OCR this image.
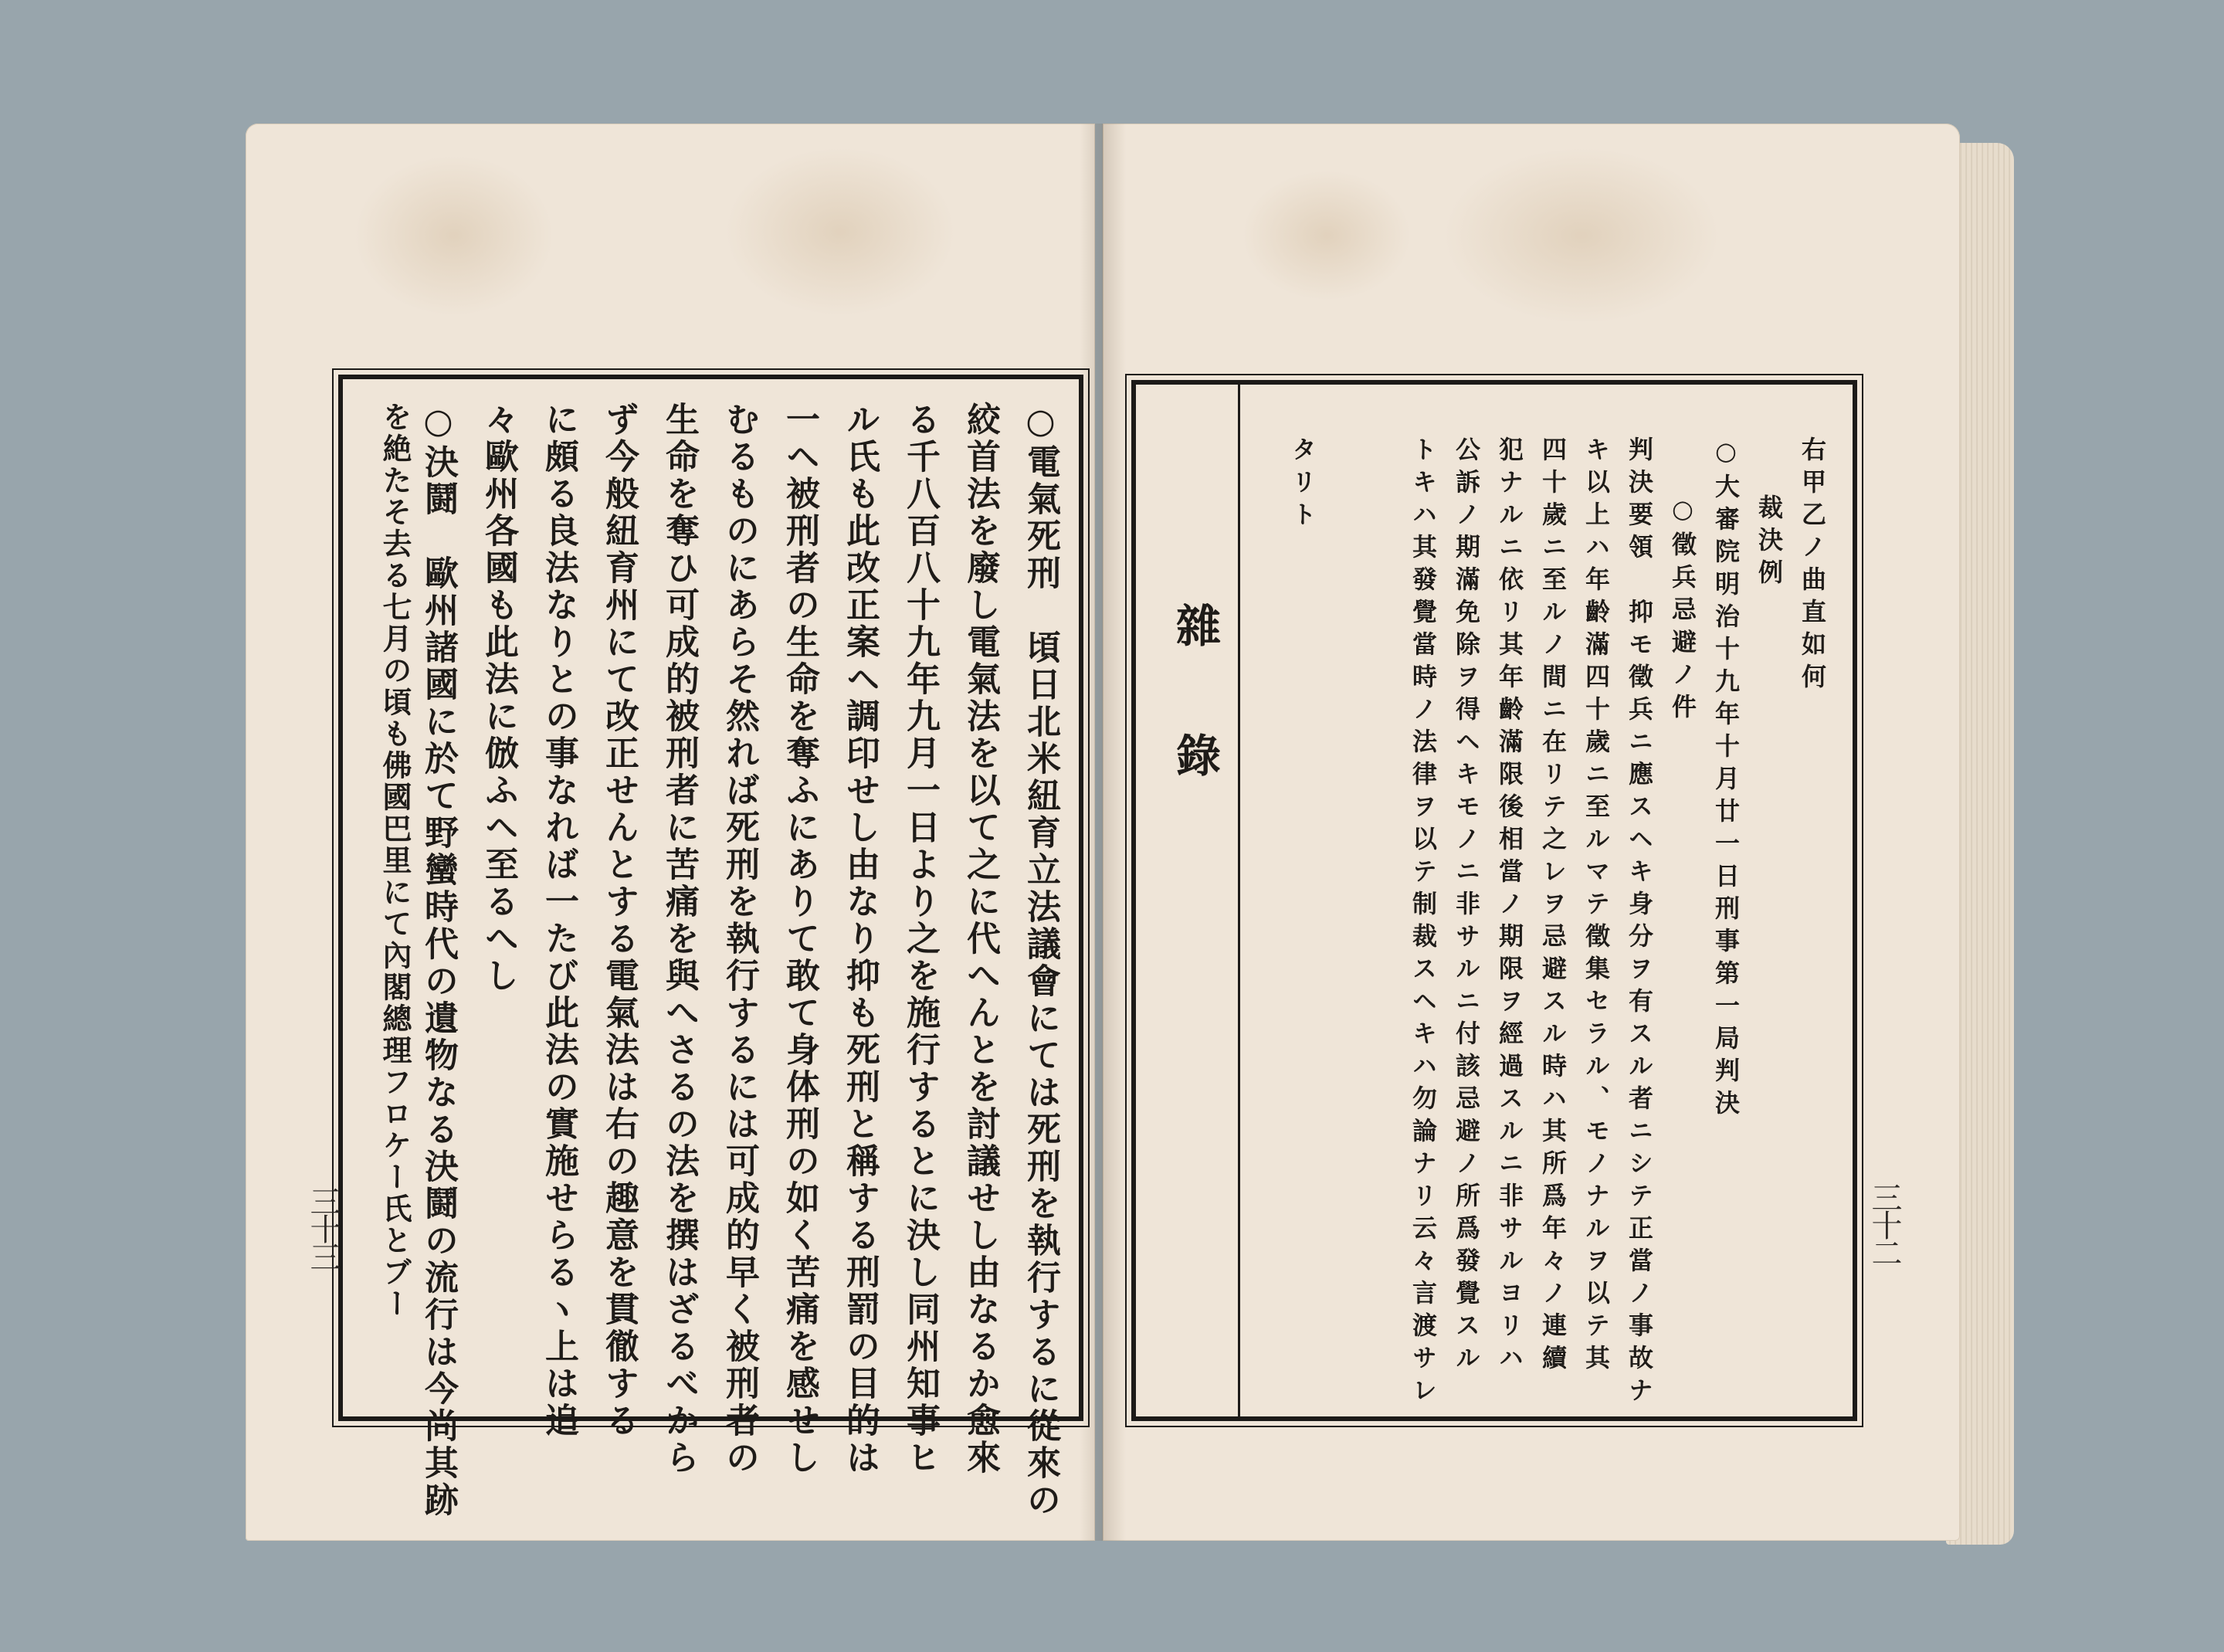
○電氣死刑　頃日北米紐育立法議會にては死刑を執行するに從來の
絞首法を廢し電氣法を以て之に代へんとを討議せし由なるか愈來
る千八百八十九年九月一日より之を施行するとに決し同州知事ヒ
ル氏も此改正案ヘ調印せし由なり抑も死刑と稱する刑罰の目的は
一ヘ被刑者の生命を奪ふにありて敢て身体刑の如く苦痛を感せし
むるものにあらそ然れば死刑を執行するには可成的早く被刑者の
生命を奪ひ可成的被刑者に苦痛を與へさるの法を撰はざるべから
ず今般紐育州にて改正せんとする電氣法は右の趣意を貫徹する
に頗る良法なりとの事なれば一たび此法の實施せらるヽ上は追
々歐州各國も此法に倣ふヘ至るへし
○決鬪　歐州諸國に於て野蠻時代の遺物なる決鬪の流行は今尚其跡
を絶たそ去る七月の頃も佛國巴里にて內閣總理フロケー氏とブー
三十三
右甲乙ノ曲直如何
裁決例
○大審院明治十九年十月廿一日刑事第一局判決
○徵兵忌避ノ件
判決要領　抑モ徵兵ニ應スヘキ身分ヲ有スル者ニシテ正當ノ事故ナ
キ以上ハ年齡滿四十歲ニ至ルマテ徵集セラル、モノナルヲ以テ其
四十歲ニ至ルノ間ニ在リテ之レヲ忌避スル時ハ其所爲年々ノ連續
犯ナルニ依リ其年齡滿限後相當ノ期限ヲ經過スルニ非サルヨリハ
公訴ノ期滿免除ヲ得ヘキモノニ非サルニ付該忌避ノ所爲發覺スル
トキハ其發覺當時ノ法律ヲ以テ制裁スヘキハ勿論ナリ云々言渡サレ
タリト
雜錄
三十二
